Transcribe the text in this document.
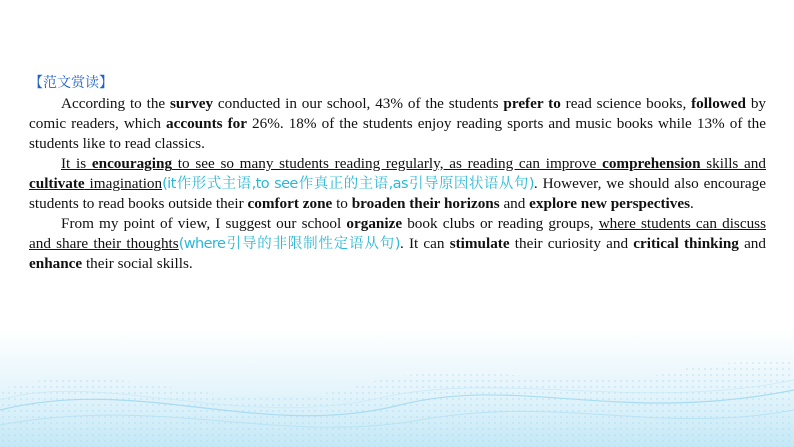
【范文赏读】

According to the survey conducted in our school, 43% of the students prefer to read science books, followed by comic readers, which accounts for 26%. 18% of the students enjoy reading sports and music books while 13% of the students like to read classics.

It is encouraging to see so many students reading regularly, as reading can improve comprehension skills and cultivate imagination(it作形式主语,to see作真正的主语,as引导原因状语从句). However, we should also encourage students to read books outside their comfort zone to broaden their horizons and explore new perspectives.

From my point of view, I suggest our school organize book clubs or reading groups, where students can discuss and share their thoughts(where引导的非限制性定语从句). It can stimulate their curiosity and critical thinking and enhance their social skills.
